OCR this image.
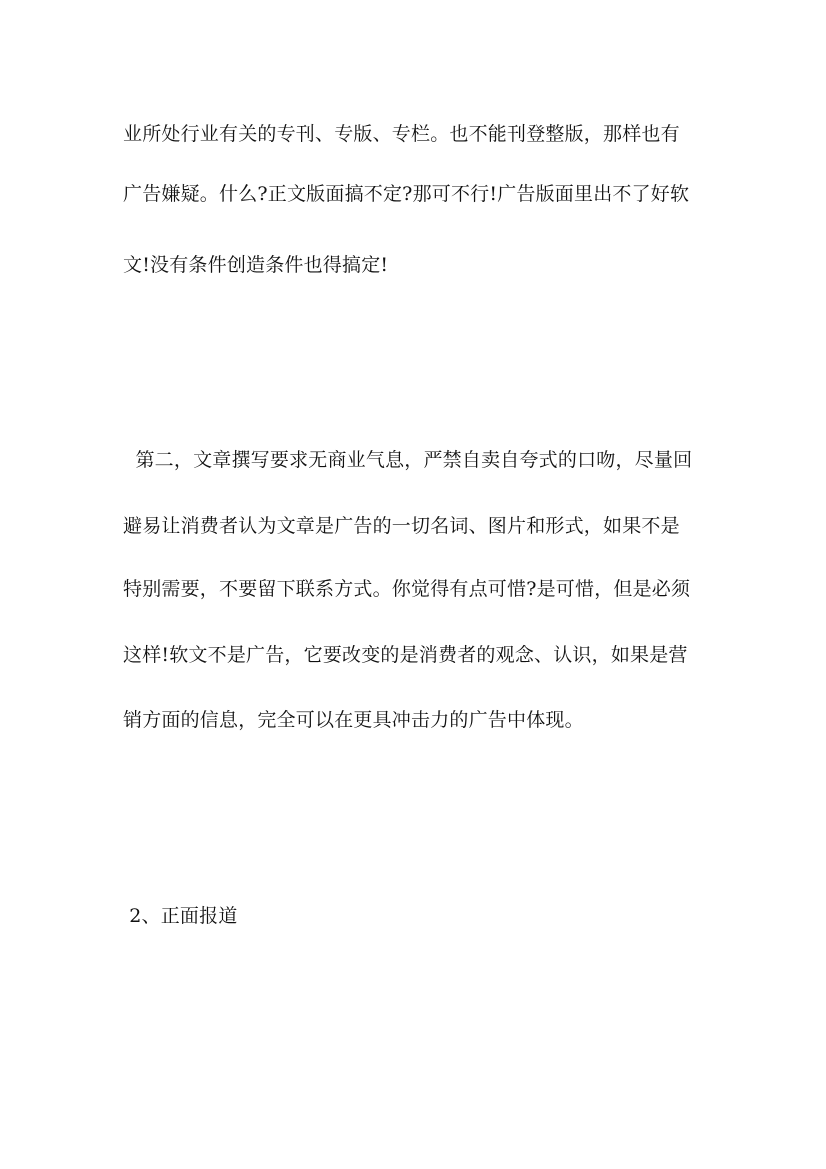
业所处行业有关的专刊、专版、专栏。也不能刊登整版，那样也有
广告嫌疑。什么?正文版面搞不定?那可不行!广告版面里出不了好软
文!没有条件创造条件也得搞定!
第二，文章撰写要求无商业气息，严禁自卖自夸式的口吻，尽量回
避易让消费者认为文章是广告的一切名词、图片和形式，如果不是
特别需要，不要留下联系方式。你觉得有点可惜?是可惜，但是必须
这样!软文不是广告，它要改变的是消费者的观念、认识，如果是营
销方面的信息，完全可以在更具冲击力的广告中体现。
2、正面报道
